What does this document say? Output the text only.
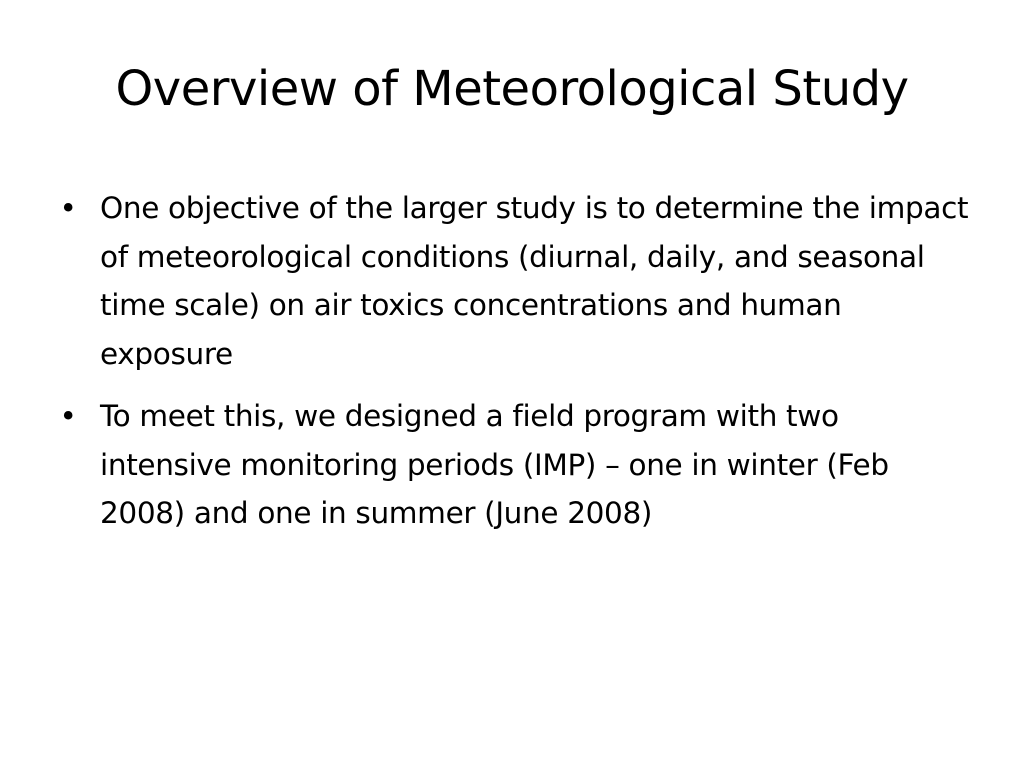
Overview of Meteorological Study
• One objective of the larger study is to determine the impact of meteorological conditions (diurnal, daily, and seasonal time scale) on air toxics concentrations and human exposure
• To meet this, we designed a field program with two intensive monitoring periods (IMP) – one in winter (Feb 2008) and one in summer (June 2008)
